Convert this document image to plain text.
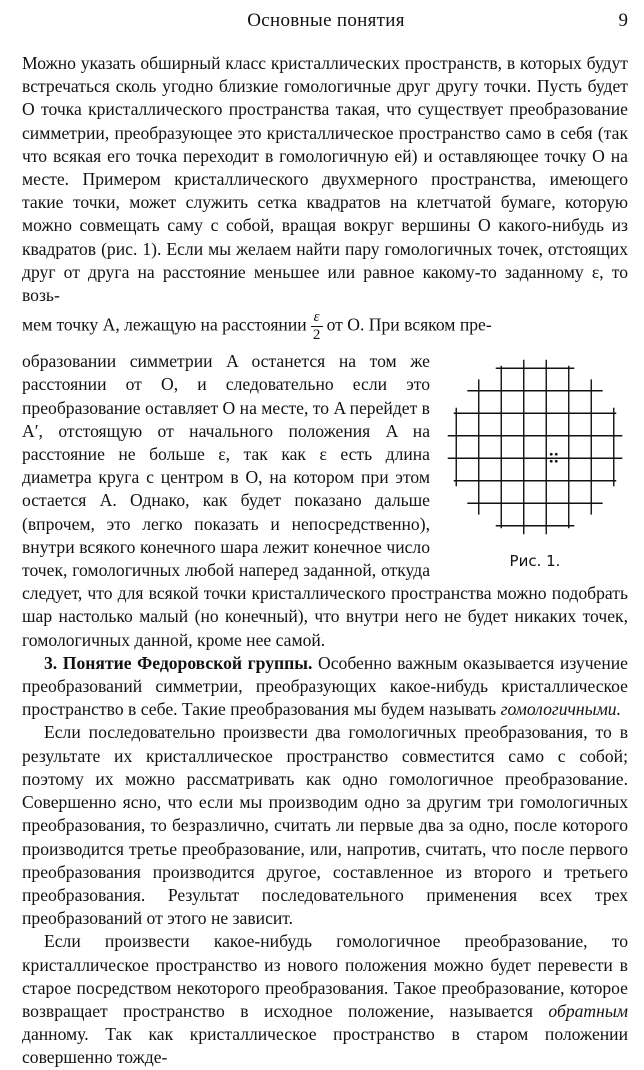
Основные понятия	9

Можно указать обширный класс кристаллических пространств, в которых будут встречаться сколь угодно близкие гомологичные друг другу точки. Пусть будет O точка кристаллического пространства такая, что существует преобразование симметрии, преобразующее это кристаллическое пространство само в себя (так что всякая его точка переходит в гомологичную ей) и оставляющее точку O на месте. Примером кристаллического двухмерного пространства, имеющего такие точки, может служить сетка квадратов на клетчатой бумаге, которую можно совмещать саму с собой, вращая вокруг вершины O какого-нибудь из квадратов (рис. 1). Если мы желаем найти пару гомологичных точек, отстоящих друг от друга на расстояние меньшее или равное какому-то заданному ε, то возь-

мем точку A, лежащую на расстоянии $\frac{\varepsilon}{2}$ от O. При всяком пре-

Рис. 1.

образовании симметрии A останется на том же расстоянии от O, и следовательно если это преобразование оставляет O на месте, то A перейдет в A′, отстоящую от начального положения A на расстояние не больше ε, так как ε есть длина диаметра круга с центром в O, на котором при этом остается A. Однако, как будет показано дальше (впрочем, это легко показать и непосредственно), внутри всякого конечного шара лежит конечное число точек, гомологичных любой наперед заданной, откуда следует, что для всякой точки кристаллического пространства можно подобрать шар настолько малый (но конечный), что внутри него не будет никаких точек, гомологичных данной, кроме нее самой.

3. Понятие Федоровской группы. Особенно важным оказывается изучение преобразований симметрии, преобразующих какое-нибудь кристаллическое пространство в себе. Такие преобразования мы будем называть гомологичными.

Если последовательно произвести два гомологичных преобразования, то в результате их кристаллическое пространство совместится само с собой; поэтому их можно рассматривать как одно гомологичное преобразование. Совершенно ясно, что если мы производим одно за другим три гомологичных преобразования, то безразлично, считать ли первые два за одно, после которого производится третье преобразование, или, напротив, считать, что после первого преобразования производится другое, составленное из второго и третьего преобразования. Результат последовательного применения всех трех преобразований от этого не зависит.

Если произвести какое-нибудь гомологичное преобразование, то кристаллическое пространство из нового положения можно будет перевести в старое посредством некоторого преобразования. Такое преобразование, которое возвращает пространство в исходное положение, называется обратным данному. Так как кристаллическое пространство в старом положении совершенно тожде-
